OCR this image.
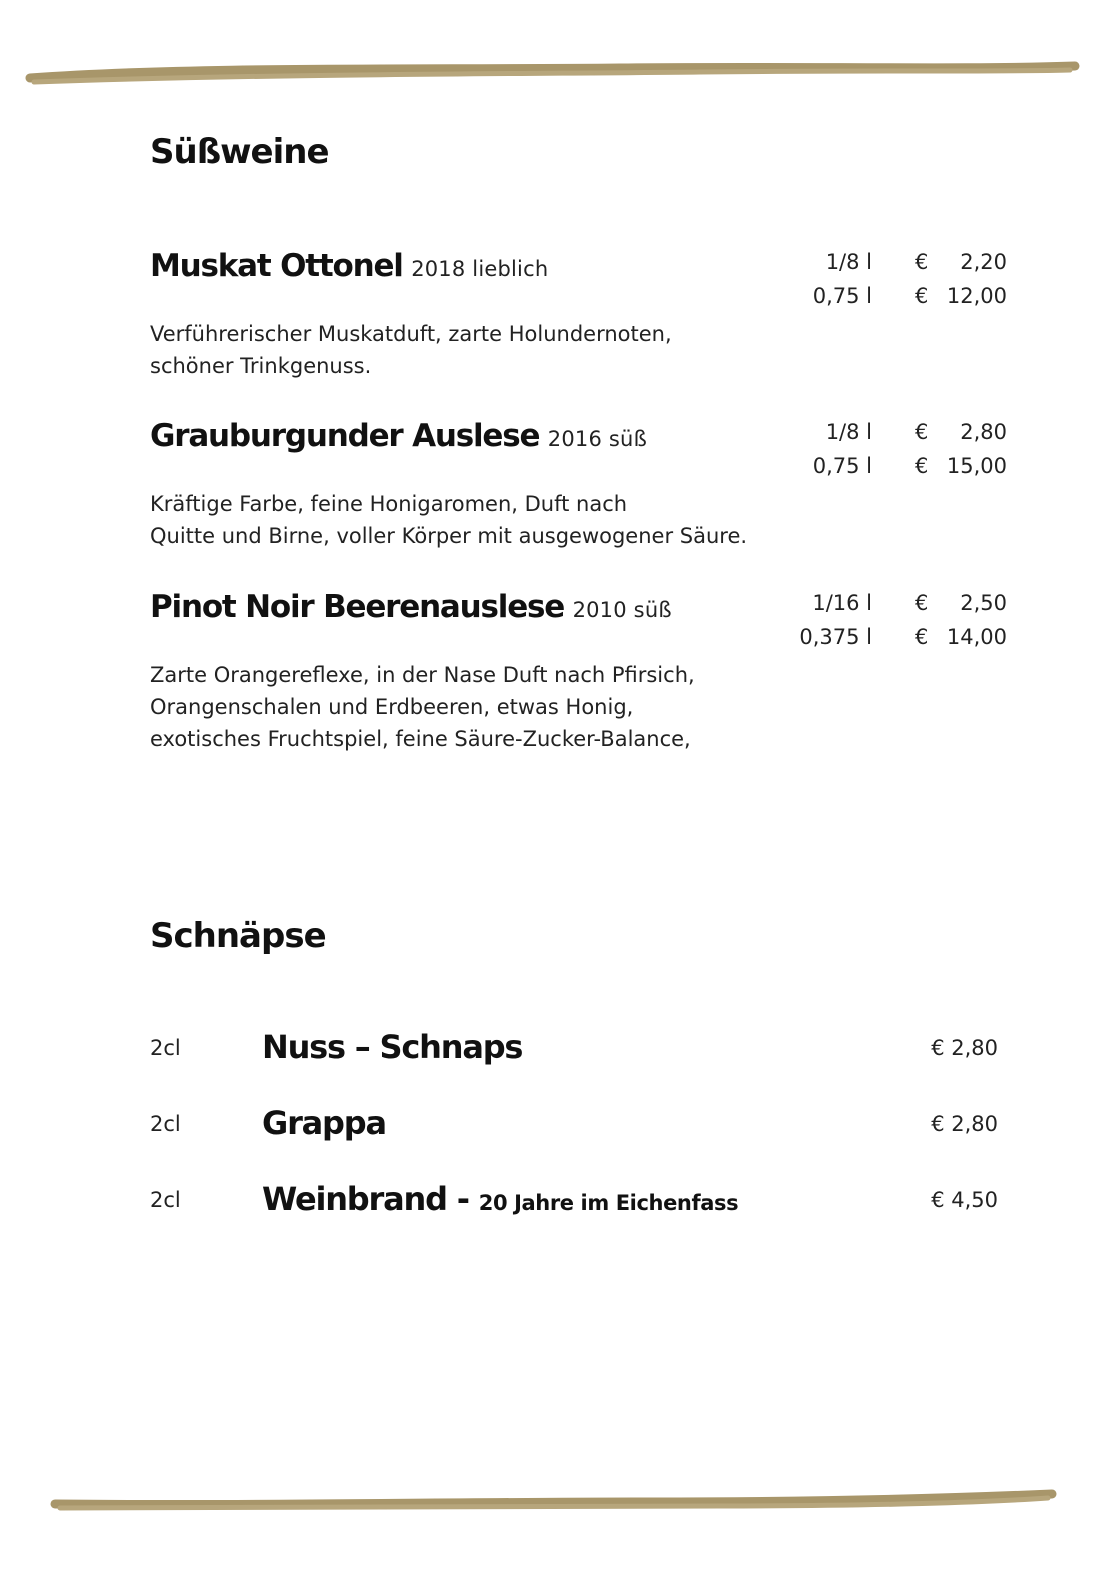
Süßweine
Muskat Ottonel 2018 lieblich	1/8 l € 2,20
0,75 l € 12,00
Verführerischer Muskatduft, zarte Holundernoten,
schöner Trinkgenuss.
Grauburgunder Auslese 2016 süß	1/8 l € 2,80
0,75 l € 15,00
Kräftige Farbe, feine Honigaromen, Duft nach
Quitte und Birne, voller Körper mit ausgewogener Säure.
Pinot Noir Beerenauslese 2010 süß	1/16 l € 2,50
0,375 l € 14,00
Zarte Orangereflexe, in der Nase Duft nach Pfirsich,
Orangenschalen und Erdbeeren, etwas Honig,
exotisches Fruchtspiel, feine Säure-Zucker-Balance,
Schnäpse
2cl	Nuss – Schnaps	€ 2,80
2cl	Grappa	€ 2,80
2cl	Weinbrand - 20 Jahre im Eichenfass	€ 4,50
